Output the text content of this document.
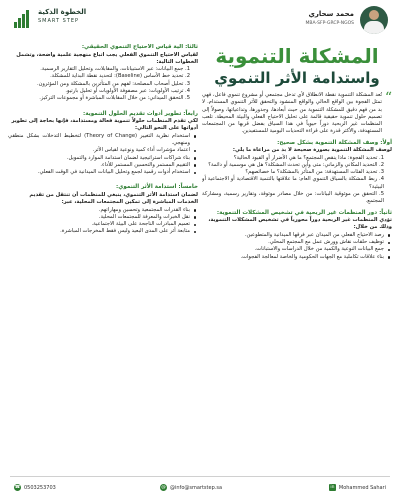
الخطوة الذكية
SMART STEP
محمد سحاري
MBA-SFP-GRCP-NGOS
المشكلة التنموية
واستدامة الأثر التنموي
“

تُعد المشكلة التنموية نقطة الانطلاق لأي تدخل مجتمعي أو مشروع تنموي فاعل، فهي تمثل الفجوة بين الواقع الحالي والواقع المنشود والتحقق للأثر التنموي المستدام. لا بد من فهم دقيق للمشكلة التنموية من حيث أبعادها، وجذورها، وتداعياتها، وصولاً إلى تصميم حلول تنموية حقيقية قائمة على تحليل الاحتياج الفعلي والبيئة المحيطة. تلعب المنظمات غير الربحية دوراً حيوياً في هذا السياق بفضل قربها من المجتمعات المستهدفة، والأكثر قدرة على قراءة التحديات اليومية للمستفيدين.

أولاً: وصف المشكلة التنموية بشكل صحيح:
لوصف المشكلة التنموية بصورة صحيحة لا بد من مراعاة ما يلي:
1. تحديد الفجوة: ماذا ينقص المجتمع؟ ما هي الأضرار أو القيود الحالية؟
2. التحديد المكاني والزماني: متى وأين تحدث المشكلة؟ هل هي موسمية أو دائمة؟
3. تحديد الفئات المستهدفة: من المتأثر بالمشكلة؟ ما خصائصهم؟
4. ربط المشكلة بالسياق التنموي العام: ما علاقتها بالتنمية الاقتصادية أو الاجتماعية أو البيئية؟
5. التحقق من موثوقية البيانات: من خلال مصادر موثوقة، وتقارير رسمية، ومشاركة المجتمع.
ثانياً: دور المنظمات غير الربحية في تشخيص المشكلات التنموية:
تؤدي المنظمات غير الربحية دوراً محورياً في تشخيص المشكلات التنموية، وذلك من خلال:
رصد الاحتياج الفعلي من الميدان عبر فرقها الميدانية والمتطوعين.
توظيف حلقات نقاش وورش عمل مع المجتمع المحلي.
جمع البيانات النوعية والكمية من خلال الدراسات والاستبانات.
بناء علاقات تكاملية مع الجهات الحكومية والخاصة لمعالجة الفجوات.
ثالثاً: آلية قياس الاحتياج التنموي الحقيقي:
لقياس الاحتياج التنموي الفعلي يجب اتباع منهجية علمية واضحة، وتشمل الخطوات التالية:
1. جمع البيانات: عبر الاستبيانات، والمقابلات، وتحليل التقارير الرسمية.
2. تحديد خط الأساس (Baseline): لتحديد نقطة البداية للمشكلة.
3. تحليل أصحاب المصلحة: لفهم من المتأثرين بالمشكلة ومن المؤثرون.
4. ترتيب الأولويات: عبر مصفوفة الأولويات أو تحليل بارتيو.
5. التحقق الميداني: من خلال المقابلات المباشرة أو مجموعات التركيز.
رابعاً: تطوير أدوات تقديم الحلول التنموية:
لكي تقدم المنظمات حلولاً تنموية فعالة ومستدامة، فإنها بحاجة إلى تطوير أدواتها على النحو التالي:
استخدام نظرية التغيير (Theory of Change) لتخطيط التدخلات بشكل منطقي ومنهجي.
اعتماد مؤشرات أداء كمية ونوعية لقياس الأثر.
بناء شراكات استراتيجية لضمان استدامة الموارد والتمويل.
التقييم المستمر والتحسين المستمر للأداء.
استخدام أدوات رقمية لجمع وتحليل البيانات الميدانية في الوقت الفعلي.
خامساً: استدامة الأثر التنموي:
لضمان استدامة الأثر التنموي، ينبغي للمنظمات أن تنتقل من تقديم الخدمات المباشرة إلى تمكين المجتمعات المحلية، عبر:
بناء القدرات المجتمعية وتحسين ومهاراتهم.
نقل الخبرات والمعرفة للمجتمعات المحلية.
تعميم المبادرات الناجحة على البيئة الاجتماعية.
متابعة أثر على المدى البعيد وليس فقط المخرجات المباشرة.
☎ 0503253703	@ @info@smartstep.sa	in Mohammed Sahari
